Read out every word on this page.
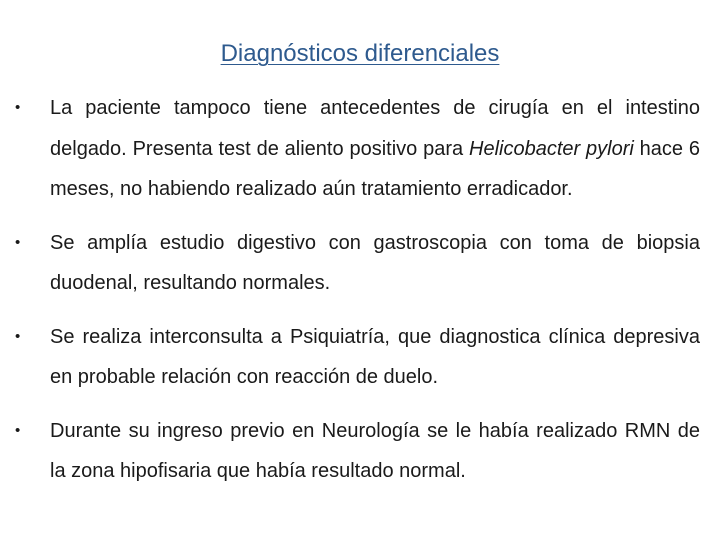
Diagnósticos diferenciales
• La paciente tampoco tiene antecedentes de cirugía en el intestino delgado. Presenta test de aliento positivo para Helicobacter pylori hace 6 meses, no habiendo realizado aún tratamiento erradicador.
• Se amplía estudio digestivo con gastroscopia con toma de biopsia duodenal, resultando normales.
• Se realiza interconsulta a Psiquiatría, que diagnostica clínica depresiva en probable relación con reacción de duelo.
• Durante su ingreso previo en Neurología se le había realizado RMN de la zona hipofisaria que había resultado normal.
